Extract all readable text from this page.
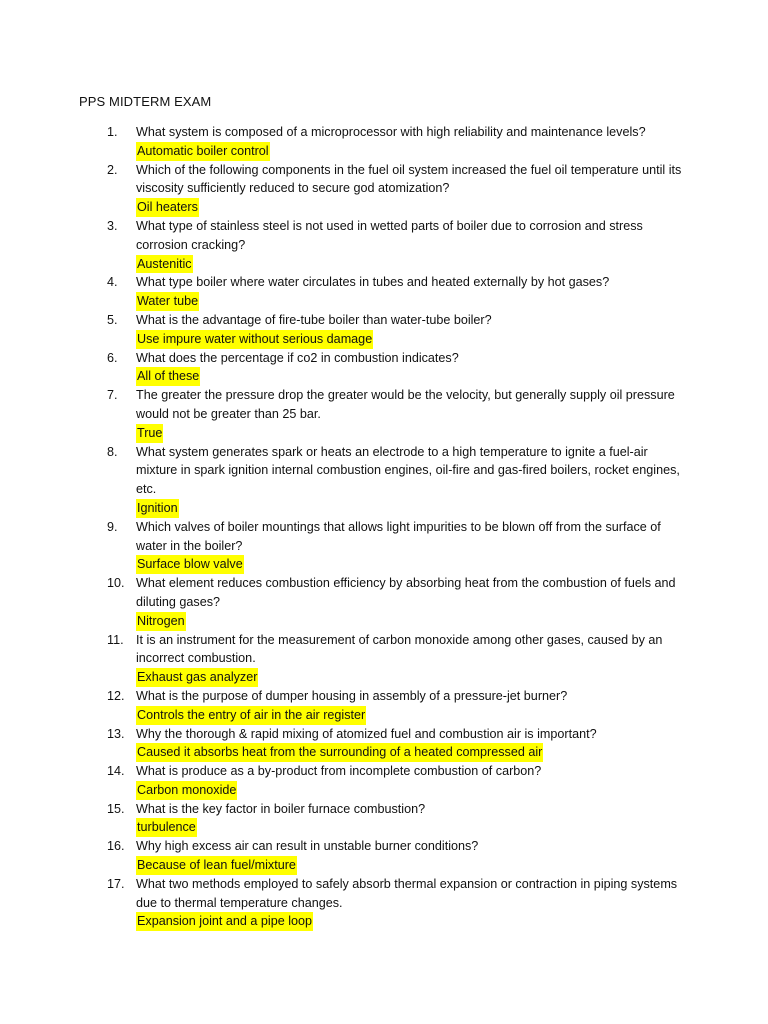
PPS MIDTERM EXAM
1.	What system is composed of a microprocessor with high reliability and maintenance levels?
Automatic boiler control
2.	Which of the following components in the fuel oil system increased the fuel oil temperature until its viscosity sufficiently reduced to secure god atomization?
Oil heaters
3.	What type of stainless steel is not used in wetted parts of boiler due to corrosion and stress corrosion cracking?
Austenitic
4.	What type boiler where water circulates in tubes and heated externally by hot gases?
Water tube
5.	What is the advantage of fire-tube boiler than water-tube boiler?
Use impure water without serious damage
6.	What does the percentage if co2 in combustion indicates?
All of these
7.	The greater the pressure drop the greater would be the velocity, but generally supply oil pressure would not be greater than 25 bar.
True
8.	What system generates spark or heats an electrode to a high temperature to ignite a fuel-air mixture in spark ignition internal combustion engines, oil-fire and gas-fired boilers, rocket engines, etc.
Ignition
9.	Which valves of boiler mountings that allows light impurities to be blown off from the surface of water in the boiler?
Surface blow valve
10. What element reduces combustion efficiency by absorbing heat from the combustion of fuels and diluting gases?
Nitrogen
11. It is an instrument for the measurement of carbon monoxide among other gases, caused by an incorrect combustion.
Exhaust gas analyzer
12. What is the purpose of dumper housing in assembly of a pressure-jet burner?
Controls the entry of air in the air register
13. Why the thorough & rapid mixing of atomized fuel and combustion air is important?
Caused it absorbs heat from the surrounding of a heated compressed air
14. What is produce as a by-product from incomplete combustion of carbon?
Carbon monoxide
15. What is the key factor in boiler furnace combustion?
turbulence
16. Why high excess air can result in unstable burner conditions?
Because of lean fuel/mixture
17. What two methods employed to safely absorb thermal expansion or contraction in piping systems due to thermal temperature changes.
Expansion joint and a pipe loop
